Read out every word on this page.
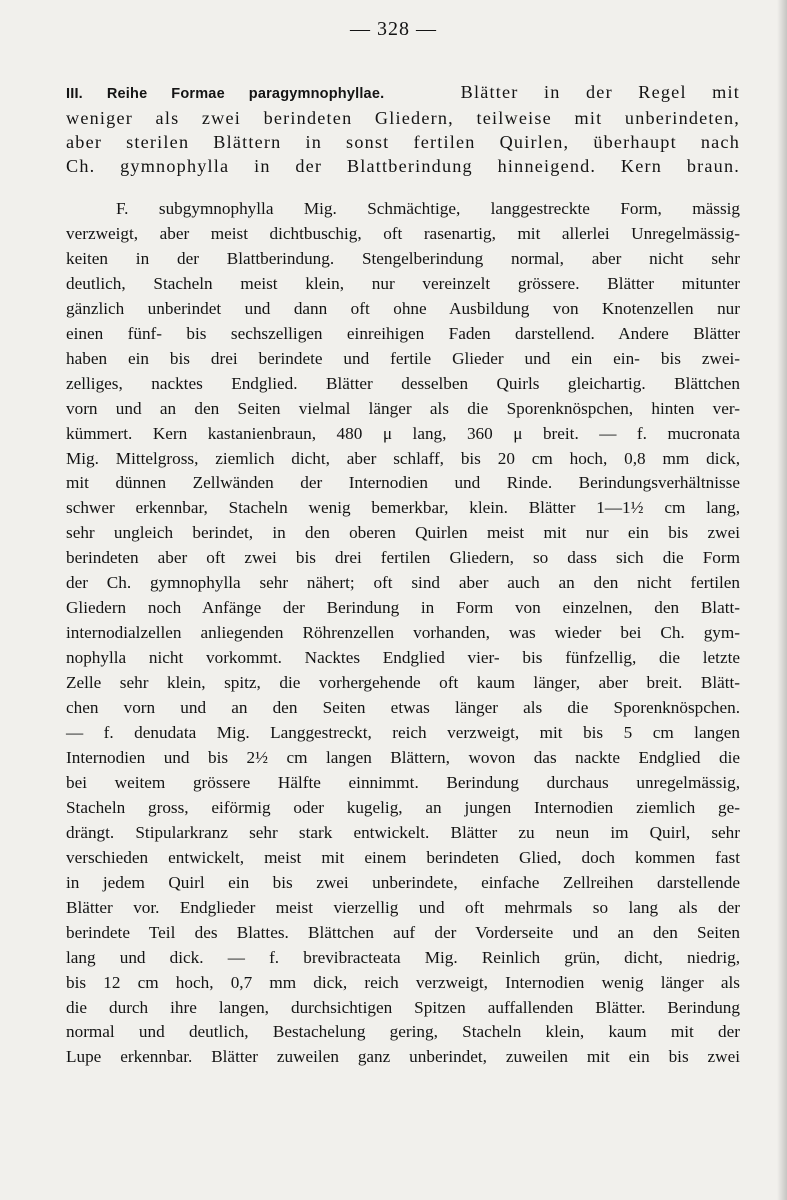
— 328 —
III. Reihe Formae paragymnophyllae.	Blätter in der Regel mit
weniger als zwei berindeten Gliedern, teilweise mit unberindeten,
aber sterilen Blättern in sonst fertilen Quirlen, überhaupt nach
Ch. gymnophylla in der Blattberindung hinneigend. Kern braun.
F. subgymnophylla Mig. Schmächtige, langgestreckte Form, mässig
verzweigt, aber meist dichtbuschig, oft rasenartig, mit allerlei Unregelmässig-
keiten in der Blattberindung. Stengelberindung normal, aber nicht sehr
deutlich, Stacheln meist klein, nur vereinzelt grössere. Blätter mitunter
gänzlich unberindet und dann oft ohne Ausbildung von Knotenzellen nur
einen fünf- bis sechszelligen einreihigen Faden darstellend. Andere Blätter
haben ein bis drei berindete und fertile Glieder und ein ein- bis zwei-
zelliges, nacktes Endglied. Blätter desselben Quirls gleichartig. Blättchen
vorn und an den Seiten vielmal länger als die Sporenknöspchen, hinten ver-
kümmert. Kern kastanienbraun, 480 μ lang, 360 μ breit. — f. mucronata
Mig. Mittelgross, ziemlich dicht, aber schlaff, bis 20 cm hoch, 0,8 mm dick,
mit dünnen Zellwänden der Internodien und Rinde. Berindungsverhältnisse
schwer erkennbar, Stacheln wenig bemerkbar, klein. Blätter 1—1½ cm lang,
sehr ungleich berindet, in den oberen Quirlen meist mit nur ein bis zwei
berindeten aber oft zwei bis drei fertilen Gliedern, so dass sich die Form
der Ch. gymnophylla sehr nähert; oft sind aber auch an den nicht fertilen
Gliedern noch Anfänge der Berindung in Form von einzelnen, den Blatt-
internodialzellen anliegenden Röhrenzellen vorhanden, was wieder bei Ch. gym-
nophylla nicht vorkommt. Nacktes Endglied vier- bis fünfzellig, die letzte
Zelle sehr klein, spitz, die vorhergehende oft kaum länger, aber breit. Blätt-
chen vorn und an den Seiten etwas länger als die Sporenknöspchen.
— f. denudata Mig. Langgestreckt, reich verzweigt, mit bis 5 cm langen
Internodien und bis 2½ cm langen Blättern, wovon das nackte Endglied die
bei weitem grössere Hälfte einnimmt. Berindung durchaus unregelmässig,
Stacheln gross, eiförmig oder kugelig, an jungen Internodien ziemlich ge-
drängt. Stipularkranz sehr stark entwickelt. Blätter zu neun im Quirl, sehr
verschieden entwickelt, meist mit einem berindeten Glied, doch kommen fast
in jedem Quirl ein bis zwei unberindete, einfache Zellreihen darstellende
Blätter vor. Endglieder meist vierzellig und oft mehrmals so lang als der
berindete Teil des Blattes. Blättchen auf der Vorderseite und an den Seiten
lang und dick. — f. brevibracteata Mig. Reinlich grün, dicht, niedrig,
bis 12 cm hoch, 0,7 mm dick, reich verzweigt, Internodien wenig länger als
die durch ihre langen, durchsichtigen Spitzen auffallenden Blätter. Berindung
normal und deutlich, Bestachelung gering, Stacheln klein, kaum mit der
Lupe erkennbar. Blätter zuweilen ganz unberindet, zuweilen mit ein bis zwei
